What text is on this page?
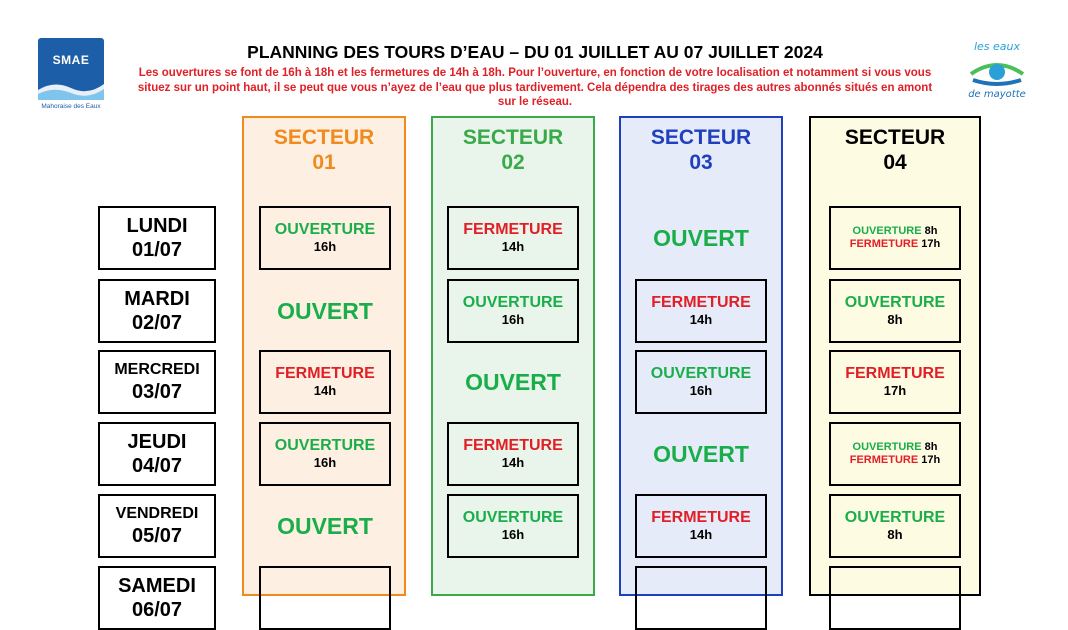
SMAE
Mahoraise des Eaux
les eaux
de mayotte
PLANNING DES TOURS D’EAU – DU 01 JUILLET AU 07 JUILLET 2024
Les ouvertures se font de 16h à 18h et les fermetures de 14h à 18h. Pour l’ouverture, en fonction de votre localisation et notamment si vous vous situez sur un point haut, il se peut que vous n’ayez de l’eau que plus tardivement. Cela dépendra des tirages des autres abonnés situés en amont sur le réseau.
SECTEUR
01
SECTEUR
02
SECTEUR
03
SECTEUR
04
LUNDI
01/07
MARDI
02/07
MERCREDI
03/07
JEUDI
04/07
VENDREDI
05/07
SAMEDI
06/07
OUVERTURE
16h
OUVERT
FERMETURE
14h
OUVERTURE
16h
OUVERT
FERMETURE
14h
OUVERTURE
16h
OUVERT
FERMETURE
14h
OUVERTURE
16h
OUVERT
FERMETURE
14h
OUVERTURE
16h
OUVERT
FERMETURE
14h
OUVERTURE 8h
FERMETURE 17h
OUVERTURE
8h
FERMETURE
17h
OUVERTURE 8h
FERMETURE 17h
OUVERTURE
8h
